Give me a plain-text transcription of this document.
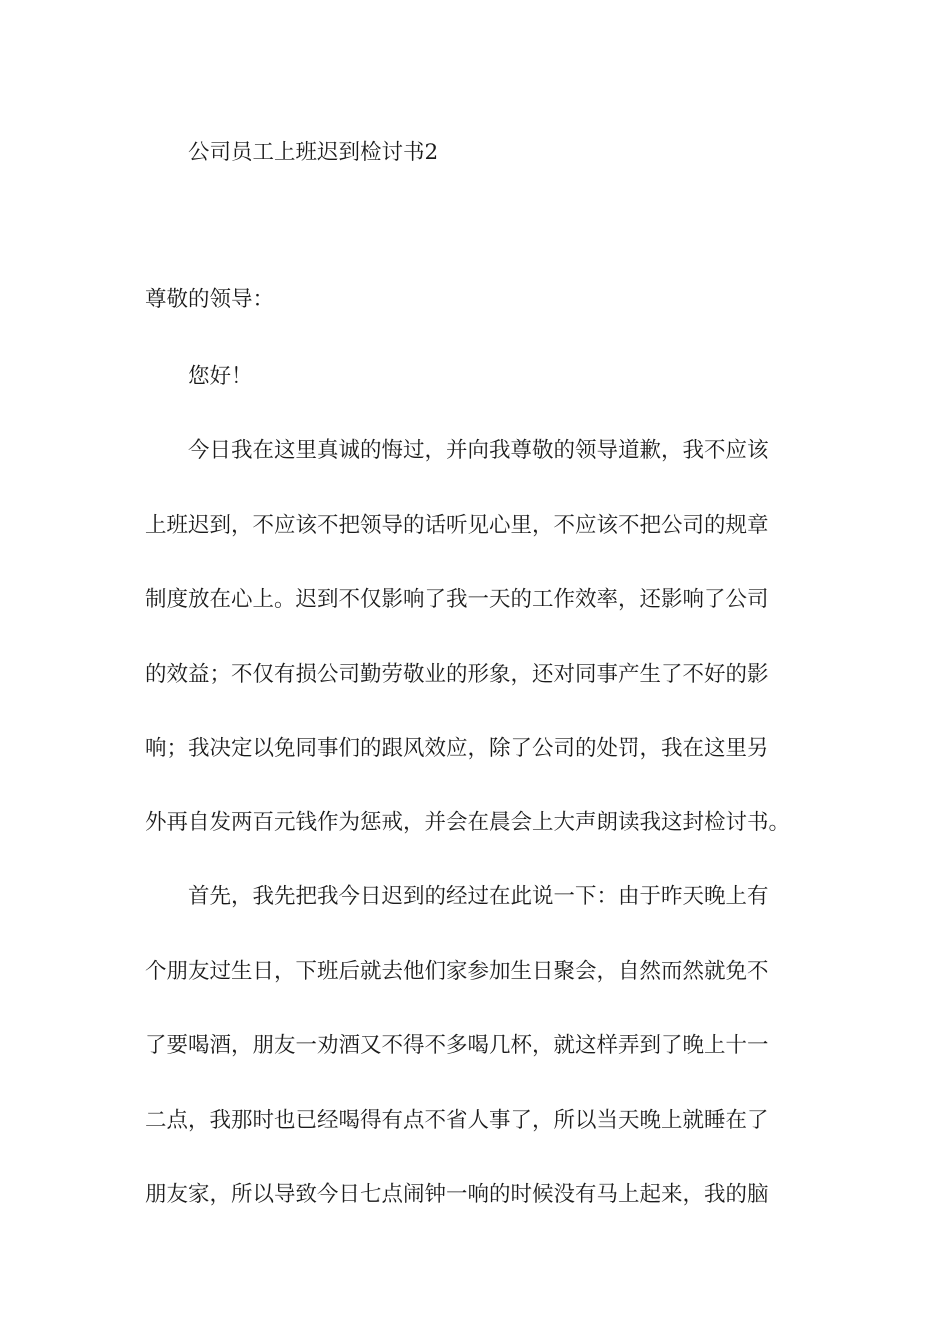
公司员工上班迟到检讨书2
尊敬的领导：
您好！
今日我在这里真诚的悔过，并向我尊敬的领导道歉，我不应该
上班迟到，不应该不把领导的话听见心里，不应该不把公司的规章
制度放在心上。迟到不仅影响了我一天的工作效率，还影响了公司
的效益；不仅有损公司勤劳敬业的形象，还对同事产生了不好的影
响；我决定以免同事们的跟风效应，除了公司的处罚，我在这里另
外再自发两百元钱作为惩戒，并会在晨会上大声朗读我这封检讨书。
首先，我先把我今日迟到的经过在此说一下：由于昨天晚上有
个朋友过生日，下班后就去他们家参加生日聚会，自然而然就免不
了要喝酒，朋友一劝酒又不得不多喝几杯，就这样弄到了晚上十一
二点，我那时也已经喝得有点不省人事了，所以当天晚上就睡在了
朋友家，所以导致今日七点闹钟一响的时候没有马上起来，我的脑
